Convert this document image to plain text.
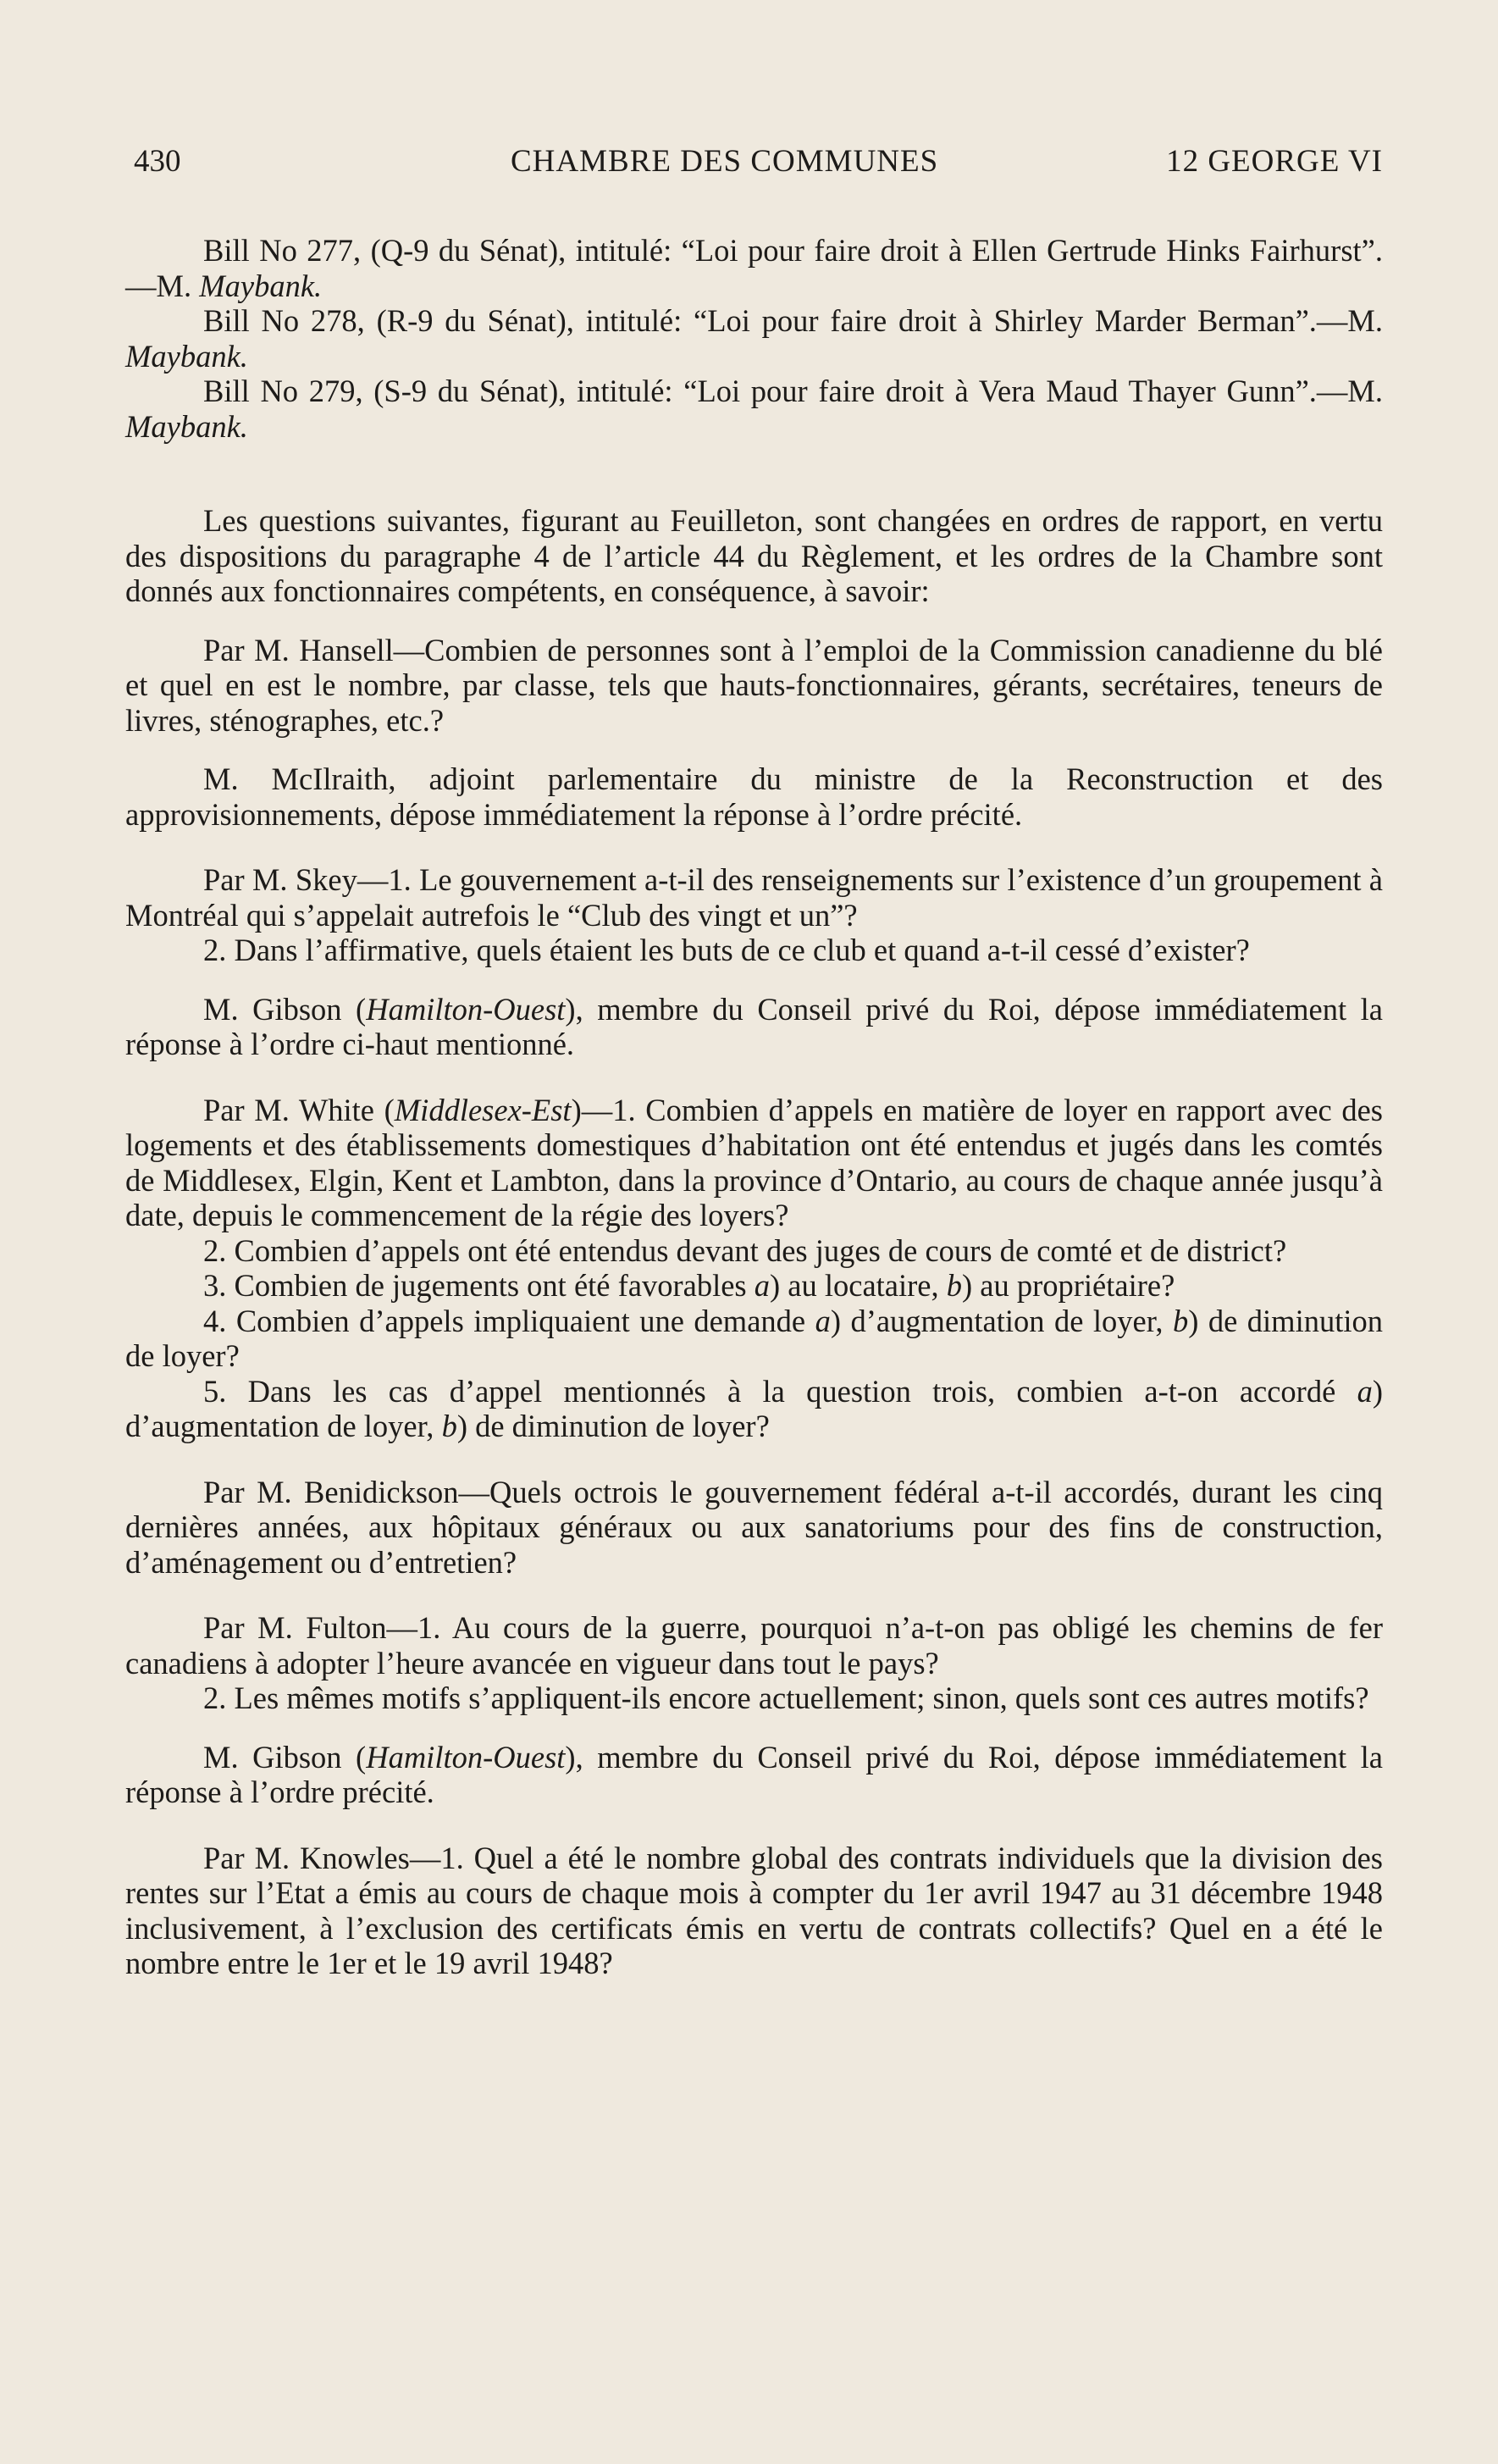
430	CHAMBRE DES COMMUNES	12 GEORGE VI

Bill No 277, (Q-9 du Sénat), intitulé: “Loi pour faire droit à Ellen Gertrude Hinks Fairhurst”.—M. Maybank.

Bill No 278, (R-9 du Sénat), intitulé: “Loi pour faire droit à Shirley Marder Berman”.—M. Maybank.

Bill No 279, (S-9 du Sénat), intitulé: “Loi pour faire droit à Vera Maud Thayer Gunn”.—M. Maybank.

Les questions suivantes, figurant au Feuilleton, sont changées en ordres de rapport, en vertu des dispositions du paragraphe 4 de l’article 44 du Règlement, et les ordres de la Chambre sont donnés aux fonctionnaires compétents, en conséquence, à savoir:

Par M. Hansell—Combien de personnes sont à l’emploi de la Commission canadienne du blé et quel en est le nombre, par classe, tels que hauts-fonctionnaires, gérants, secrétaires, teneurs de livres, sténographes, etc.?

M. McIlraith, adjoint parlementaire du ministre de la Reconstruction et des approvisionnements, dépose immédiatement la réponse à l’ordre précité.

Par M. Skey—1. Le gouvernement a-t-il des renseignements sur l’existence d’un groupement à Montréal qui s’appelait autrefois le “Club des vingt et un”?

2. Dans l’affirmative, quels étaient les buts de ce club et quand a-t-il cessé d’exister?

M. Gibson (Hamilton-Ouest), membre du Conseil privé du Roi, dépose immédiatement la réponse à l’ordre ci-haut mentionné.

Par M. White (Middlesex-Est)—1. Combien d’appels en matière de loyer en rapport avec des logements et des établissements domestiques d’habitation ont été entendus et jugés dans les comtés de Middlesex, Elgin, Kent et Lambton, dans la province d’Ontario, au cours de chaque année jusqu’à date, depuis le commencement de la régie des loyers?

2. Combien d’appels ont été entendus devant des juges de cours de comté et de district?

3. Combien de jugements ont été favorables a) au locataire, b) au propriétaire?

4. Combien d’appels impliquaient une demande a) d’augmentation de loyer, b) de diminution de loyer?

5. Dans les cas d’appel mentionnés à la question trois, combien a-t-on accordé a) d’augmentation de loyer, b) de diminution de loyer?

Par M. Benidickson—Quels octrois le gouvernement fédéral a-t-il accordés, durant les cinq dernières années, aux hôpitaux généraux ou aux sanatoriums pour des fins de construction, d’aménagement ou d’entretien?

Par M. Fulton—1. Au cours de la guerre, pourquoi n’a-t-on pas obligé les chemins de fer canadiens à adopter l’heure avancée en vigueur dans tout le pays?

2. Les mêmes motifs s’appliquent-ils encore actuellement; sinon, quels sont ces autres motifs?

M. Gibson (Hamilton-Ouest), membre du Conseil privé du Roi, dépose immédiatement la réponse à l’ordre précité.

Par M. Knowles—1. Quel a été le nombre global des contrats individuels que la division des rentes sur l’Etat a émis au cours de chaque mois à compter du 1er avril 1947 au 31 décembre 1948 inclusivement, à l’exclusion des certificats émis en vertu de contrats collectifs? Quel en a été le nombre entre le 1er et le 19 avril 1948?
